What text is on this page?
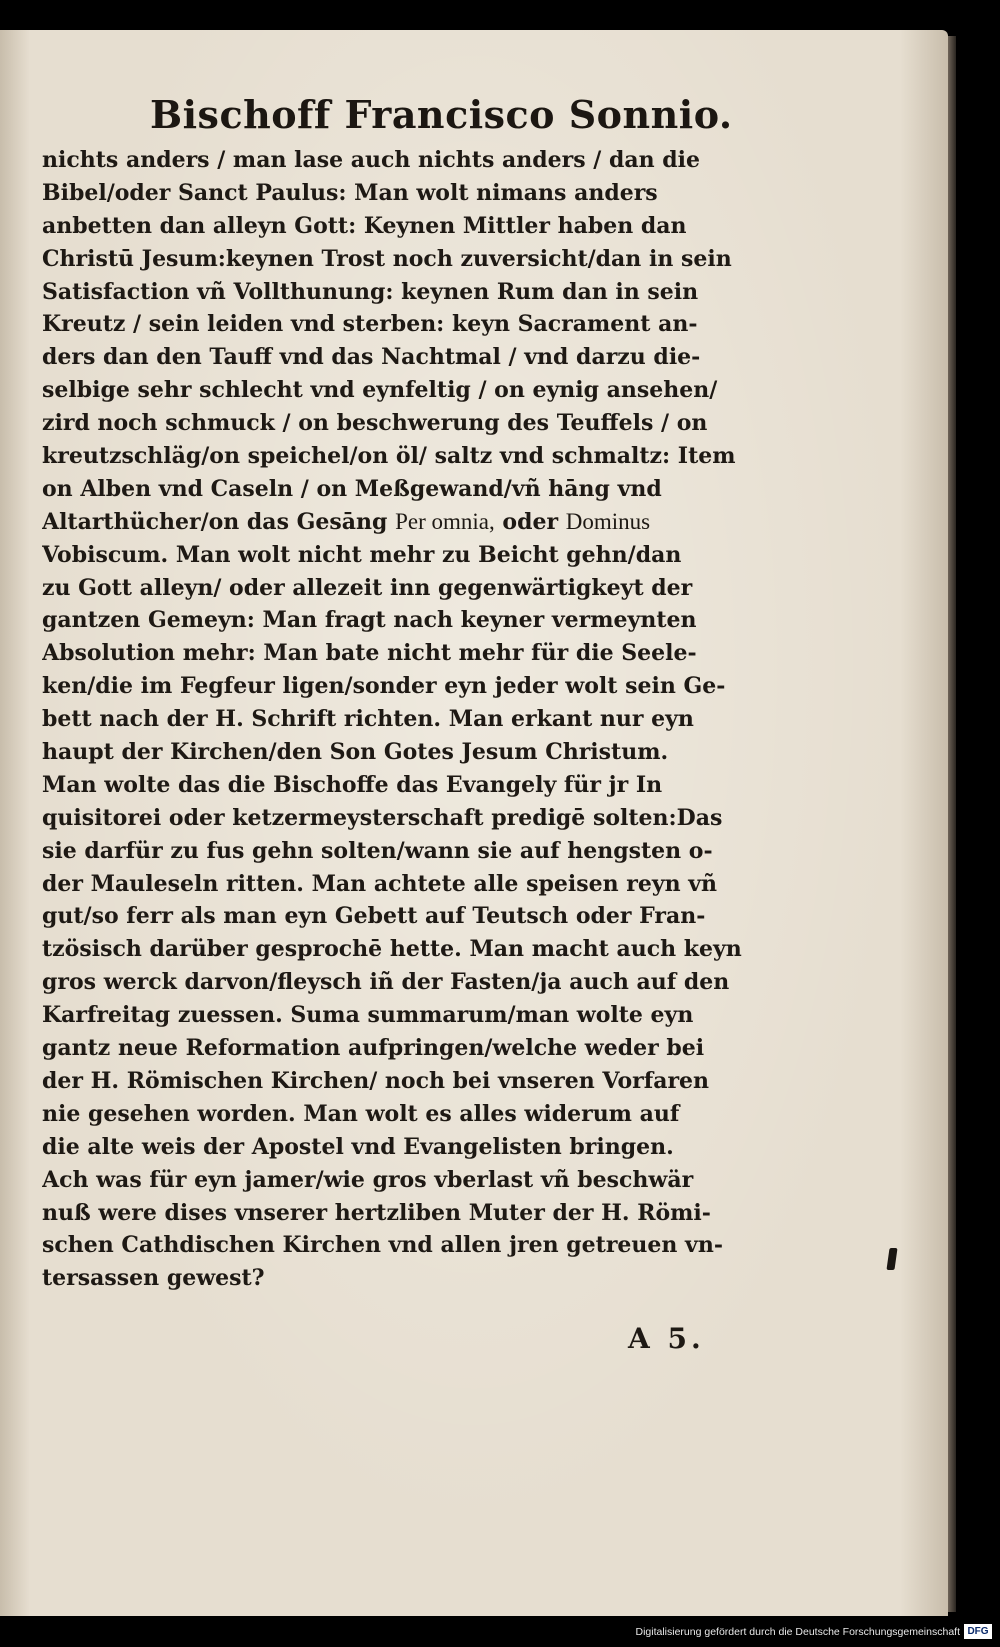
Bischoff Francisco Sonnio.
nichts anders / man lase auch nichts anders / dan die
Bibel/oder Sanct Paulus: Man wolt nimans anders
anbetten dan alleyn Gott: Keynen Mittler haben dan
Christū Jesum:keynen Trost noch zuversicht/dan in sein
Satisfaction vñ Vollthunung: keynen Rum dan in sein
Kreutz / sein leiden vnd sterben: keyn Sacrament an-
ders dan den Tauff vnd das Nachtmal / vnd darzu die-
selbige sehr schlecht vnd eynfeltig / on eynig ansehen/
zird noch schmuck / on beschwerung des Teuffels / on
kreutzschläg/on speichel/on öl/ saltz vnd schmaltz: Item
on Alben vnd Caseln / on Meßgewand/vñ hāng vnd
Altarthücher/on das Gesāng Per omnia, oder Dominus
Vobiscum. Man wolt nicht mehr zu Beicht gehn/dan
zu Gott alleyn/ oder allezeit inn gegenwärtigkeyt der
gantzen Gemeyn: Man fragt nach keyner vermeynten
Absolution mehr: Man bate nicht mehr für die Seele-
ken/die im Fegfeur ligen/sonder eyn jeder wolt sein Ge-
bett nach der H. Schrift richten. Man erkant nur eyn
haupt der Kirchen/den Son Gotes Jesum Christum.
Man wolte das die Bischoffe das Evangely für jr In
quisitorei oder ketzermeysterschaft predigē solten:Das
sie darfür zu fus gehn solten/wann sie auf hengsten o-
der Mauleseln ritten. Man achtete alle speisen reyn vñ
gut/so ferr als man eyn Gebett auf Teutsch oder Fran-
tzösisch darüber gesprochē hette. Man macht auch keyn
gros werck darvon/fleysch iñ der Fasten/ja auch auf den
Karfreitag zuessen. Suma summarum/man wolte eyn
gantz neue Reformation aufpringen/welche weder bei
der H. Römischen Kirchen/ noch bei vnseren Vorfaren
nie gesehen worden. Man wolt es alles widerum auf
die alte weis der Apostel vnd Evangelisten bringen.
Ach was für eyn jamer/wie gros vberlast vñ beschwär
nuß were dises vnserer hertzliben Muter der H. Römi-
schen Cathdischen Kirchen vnd allen jren getreuen vn-
tersassen gewest?
A 5.
Digitalisierung gefördert durch die Deutsche Forschungsgemeinschaft DFG
